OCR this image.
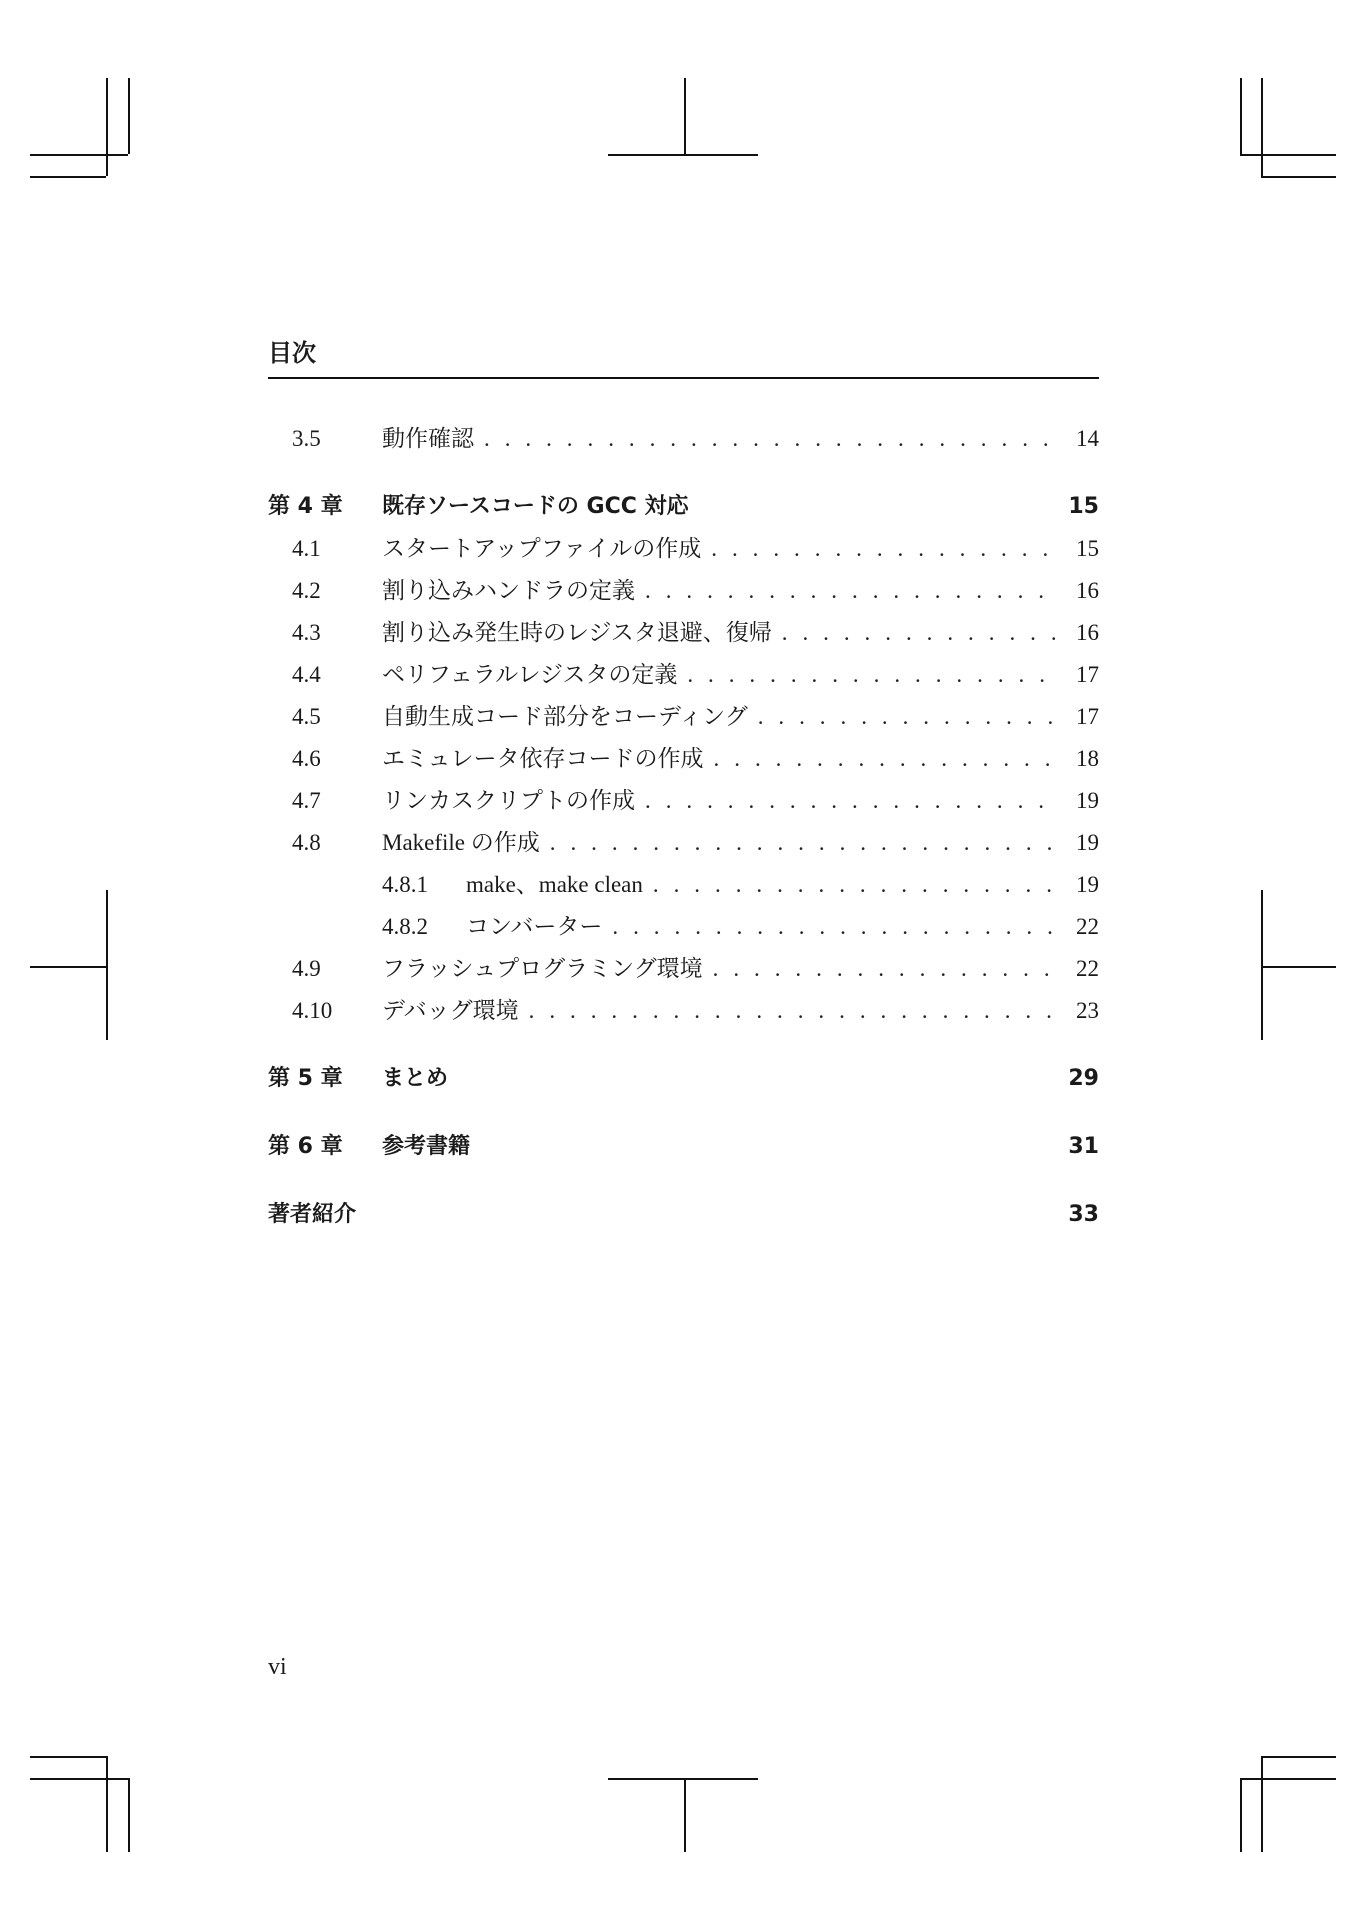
目次
3.5	動作確認 . . .	14
第 4 章	既存ソースコードの GCC 対応	15
4.1	スタートアップファイルの作成 . . .	15
4.2	割り込みハンドラの定義 . . .	16
4.3	割り込み発生時のレジスタ退避、復帰 . . .	16
4.4	ペリフェラルレジスタの定義 . . .	17
4.5	自動生成コード部分をコーディング . . .	17
4.6	エミュレータ依存コードの作成 . . .	18
4.7	リンカスクリプトの作成 . . .	19
4.8	Makefile の作成 . . .	19
4.8.1	make、make clean . . .	19
4.8.2	コンバーター . . .	22
4.9	フラッシュプログラミング環境 . . .	22
4.10	デバッグ環境 . . .	23
第 5 章	まとめ	29
第 6 章	参考書籍	31
著者紹介	33
vi
